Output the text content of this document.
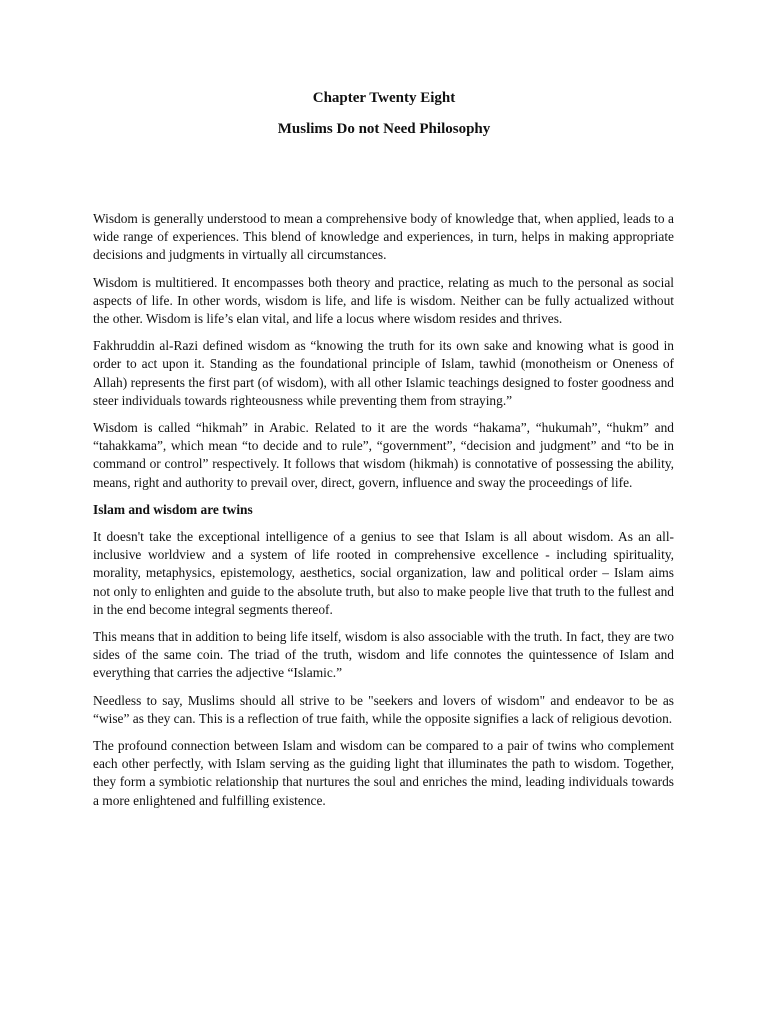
Chapter Twenty Eight
Muslims Do not Need Philosophy

Wisdom is generally understood to mean a comprehensive body of knowledge that, when applied, leads to a wide range of experiences. This blend of knowledge and experiences, in turn, helps in making appropriate decisions and judgments in virtually all circumstances.

Wisdom is multitiered. It encompasses both theory and practice, relating as much to the personal as social aspects of life. In other words, wisdom is life, and life is wisdom. Neither can be fully actualized without the other. Wisdom is life’s elan vital, and life a locus where wisdom resides and thrives.

Fakhruddin al-Razi defined wisdom as “knowing the truth for its own sake and knowing what is good in order to act upon it. Standing as the foundational principle of Islam, tawhid (monotheism or Oneness of Allah) represents the first part (of wisdom), with all other Islamic teachings designed to foster goodness and steer individuals towards righteousness while preventing them from straying.”

Wisdom is called “hikmah” in Arabic. Related to it are the words “hakama”, “hukumah”, “hukm” and “tahakkama”, which mean “to decide and to rule”, “government”, “decision and judgment” and “to be in command or control” respectively. It follows that wisdom (hikmah) is connotative of possessing the ability, means, right and authority to prevail over, direct, govern, influence and sway the proceedings of life.

Islam and wisdom are twins

It doesn't take the exceptional intelligence of a genius to see that Islam is all about wisdom. As an all-inclusive worldview and a system of life rooted in comprehensive excellence - including spirituality, morality, metaphysics, epistemology, aesthetics, social organization, law and political order – Islam aims not only to enlighten and guide to the absolute truth, but also to make people live that truth to the fullest and in the end become integral segments thereof.

This means that in addition to being life itself, wisdom is also associable with the truth. In fact, they are two sides of the same coin. The triad of the truth, wisdom and life connotes the quintessence of Islam and everything that carries the adjective “Islamic.”

Needless to say, Muslims should all strive to be "seekers and lovers of wisdom" and endeavor to be as “wise” as they can. This is a reflection of true faith, while the opposite signifies a lack of religious devotion.

The profound connection between Islam and wisdom can be compared to a pair of twins who complement each other perfectly, with Islam serving as the guiding light that illuminates the path to wisdom. Together, they form a symbiotic relationship that nurtures the soul and enriches the mind, leading individuals towards a more enlightened and fulfilling existence.
